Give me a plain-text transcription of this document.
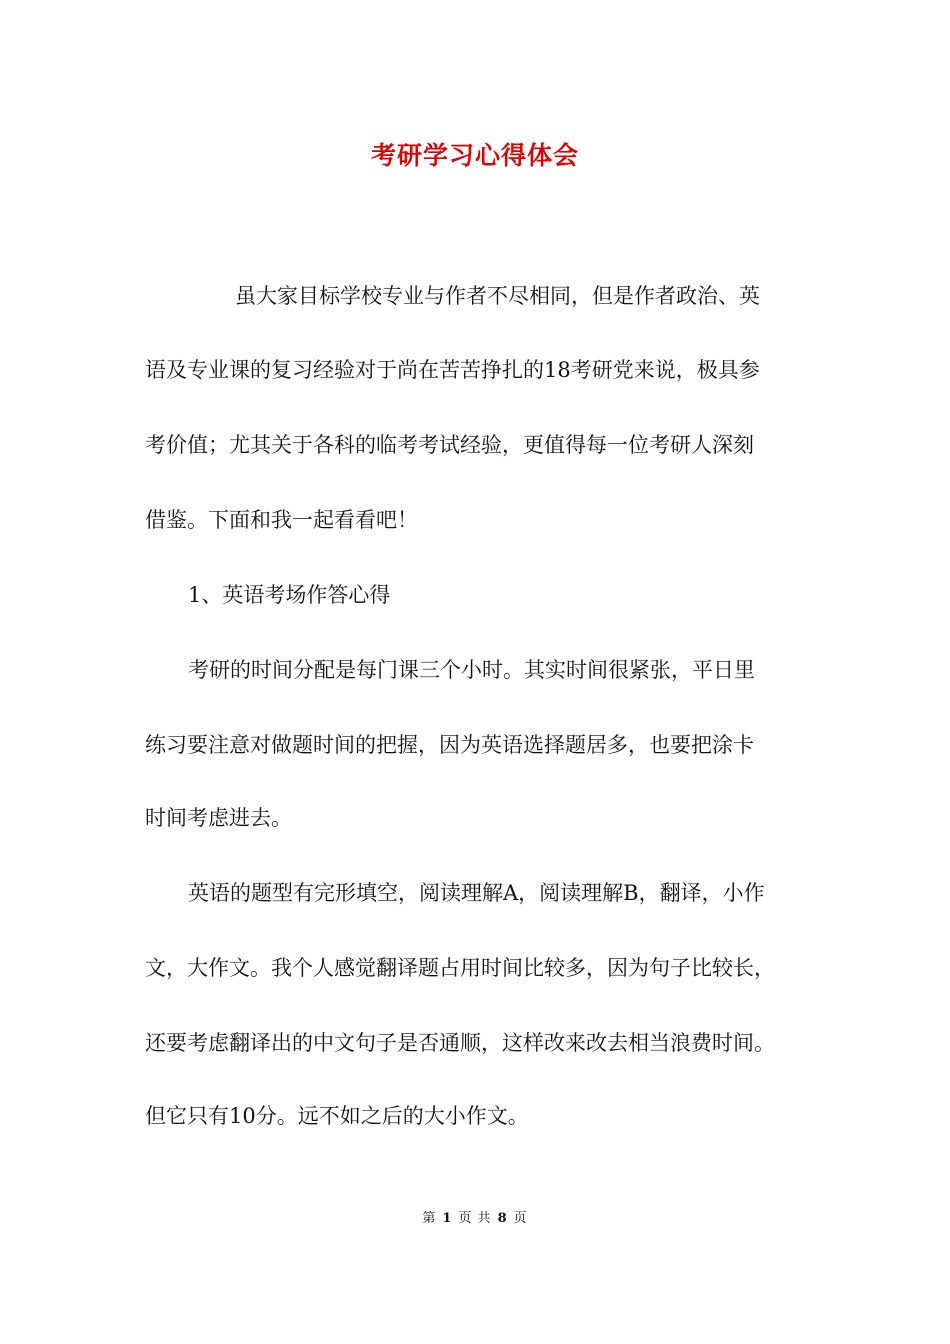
考研学习心得体会
虽大家目标学校专业与作者不尽相同，但是作者政治、英
语及专业课的复习经验对于尚在苦苦挣扎的18考研党来说，极具参
考价值；尤其关于各科的临考考试经验，更值得每一位考研人深刻
借鉴。下面和我一起看看吧！
1、英语考场作答心得
考研的时间分配是每门课三个小时。其实时间很紧张，平日里
练习要注意对做题时间的把握，因为英语选择题居多，也要把涂卡
时间考虑进去。
英语的题型有完形填空，阅读理解A，阅读理解B，翻译，小作
文，大作文。我个人感觉翻译题占用时间比较多，因为句子比较长，
还要考虑翻译出的中文句子是否通顺，这样改来改去相当浪费时间。
但它只有10分。远不如之后的大小作文。
第 1 页 共 8 页
